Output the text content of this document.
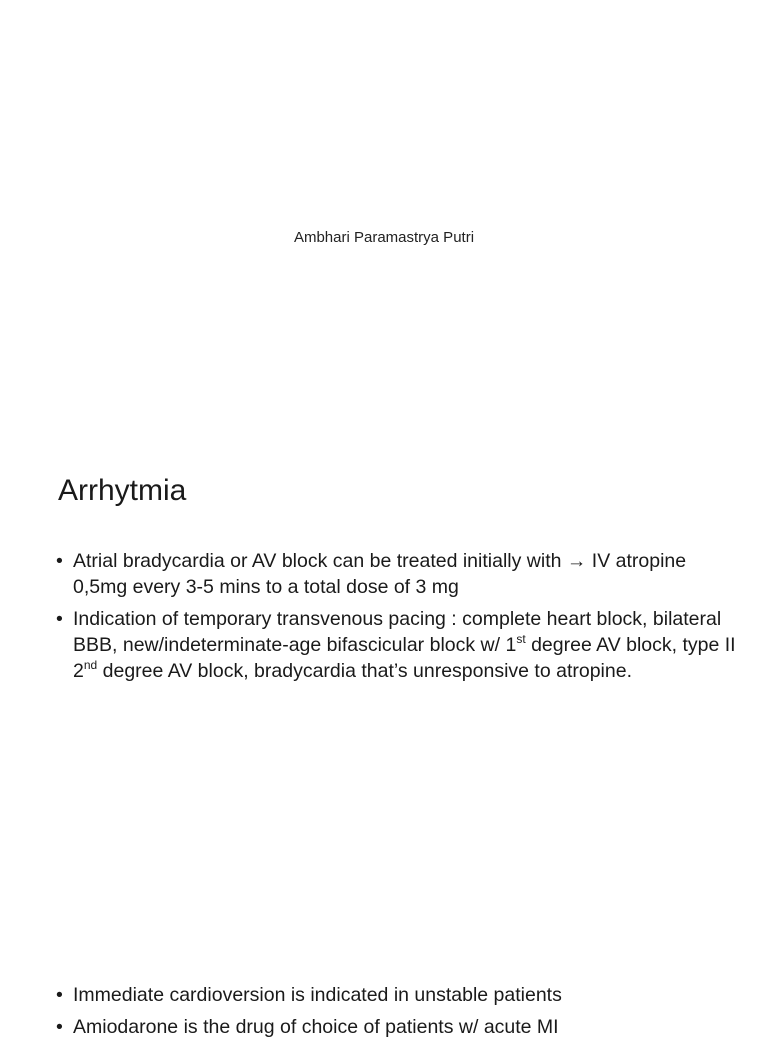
Ambhari Paramastrya Putri
Arrhytmia
• Atrial bradycardia or AV block can be treated initially with → IV atropine 0,5mg every 3-5 mins to a total dose of 3 mg
• Indication of temporary transvenous pacing : complete heart block, bilateral BBB, new/indeterminate-age bifascicular block w/ 1st degree AV block, type II 2nd degree AV block, bradycardia that’s unresponsive to atropine.
• Immediate cardioversion is indicated in unstable patients
• Amiodarone is the drug of choice of patients w/ acute MI
